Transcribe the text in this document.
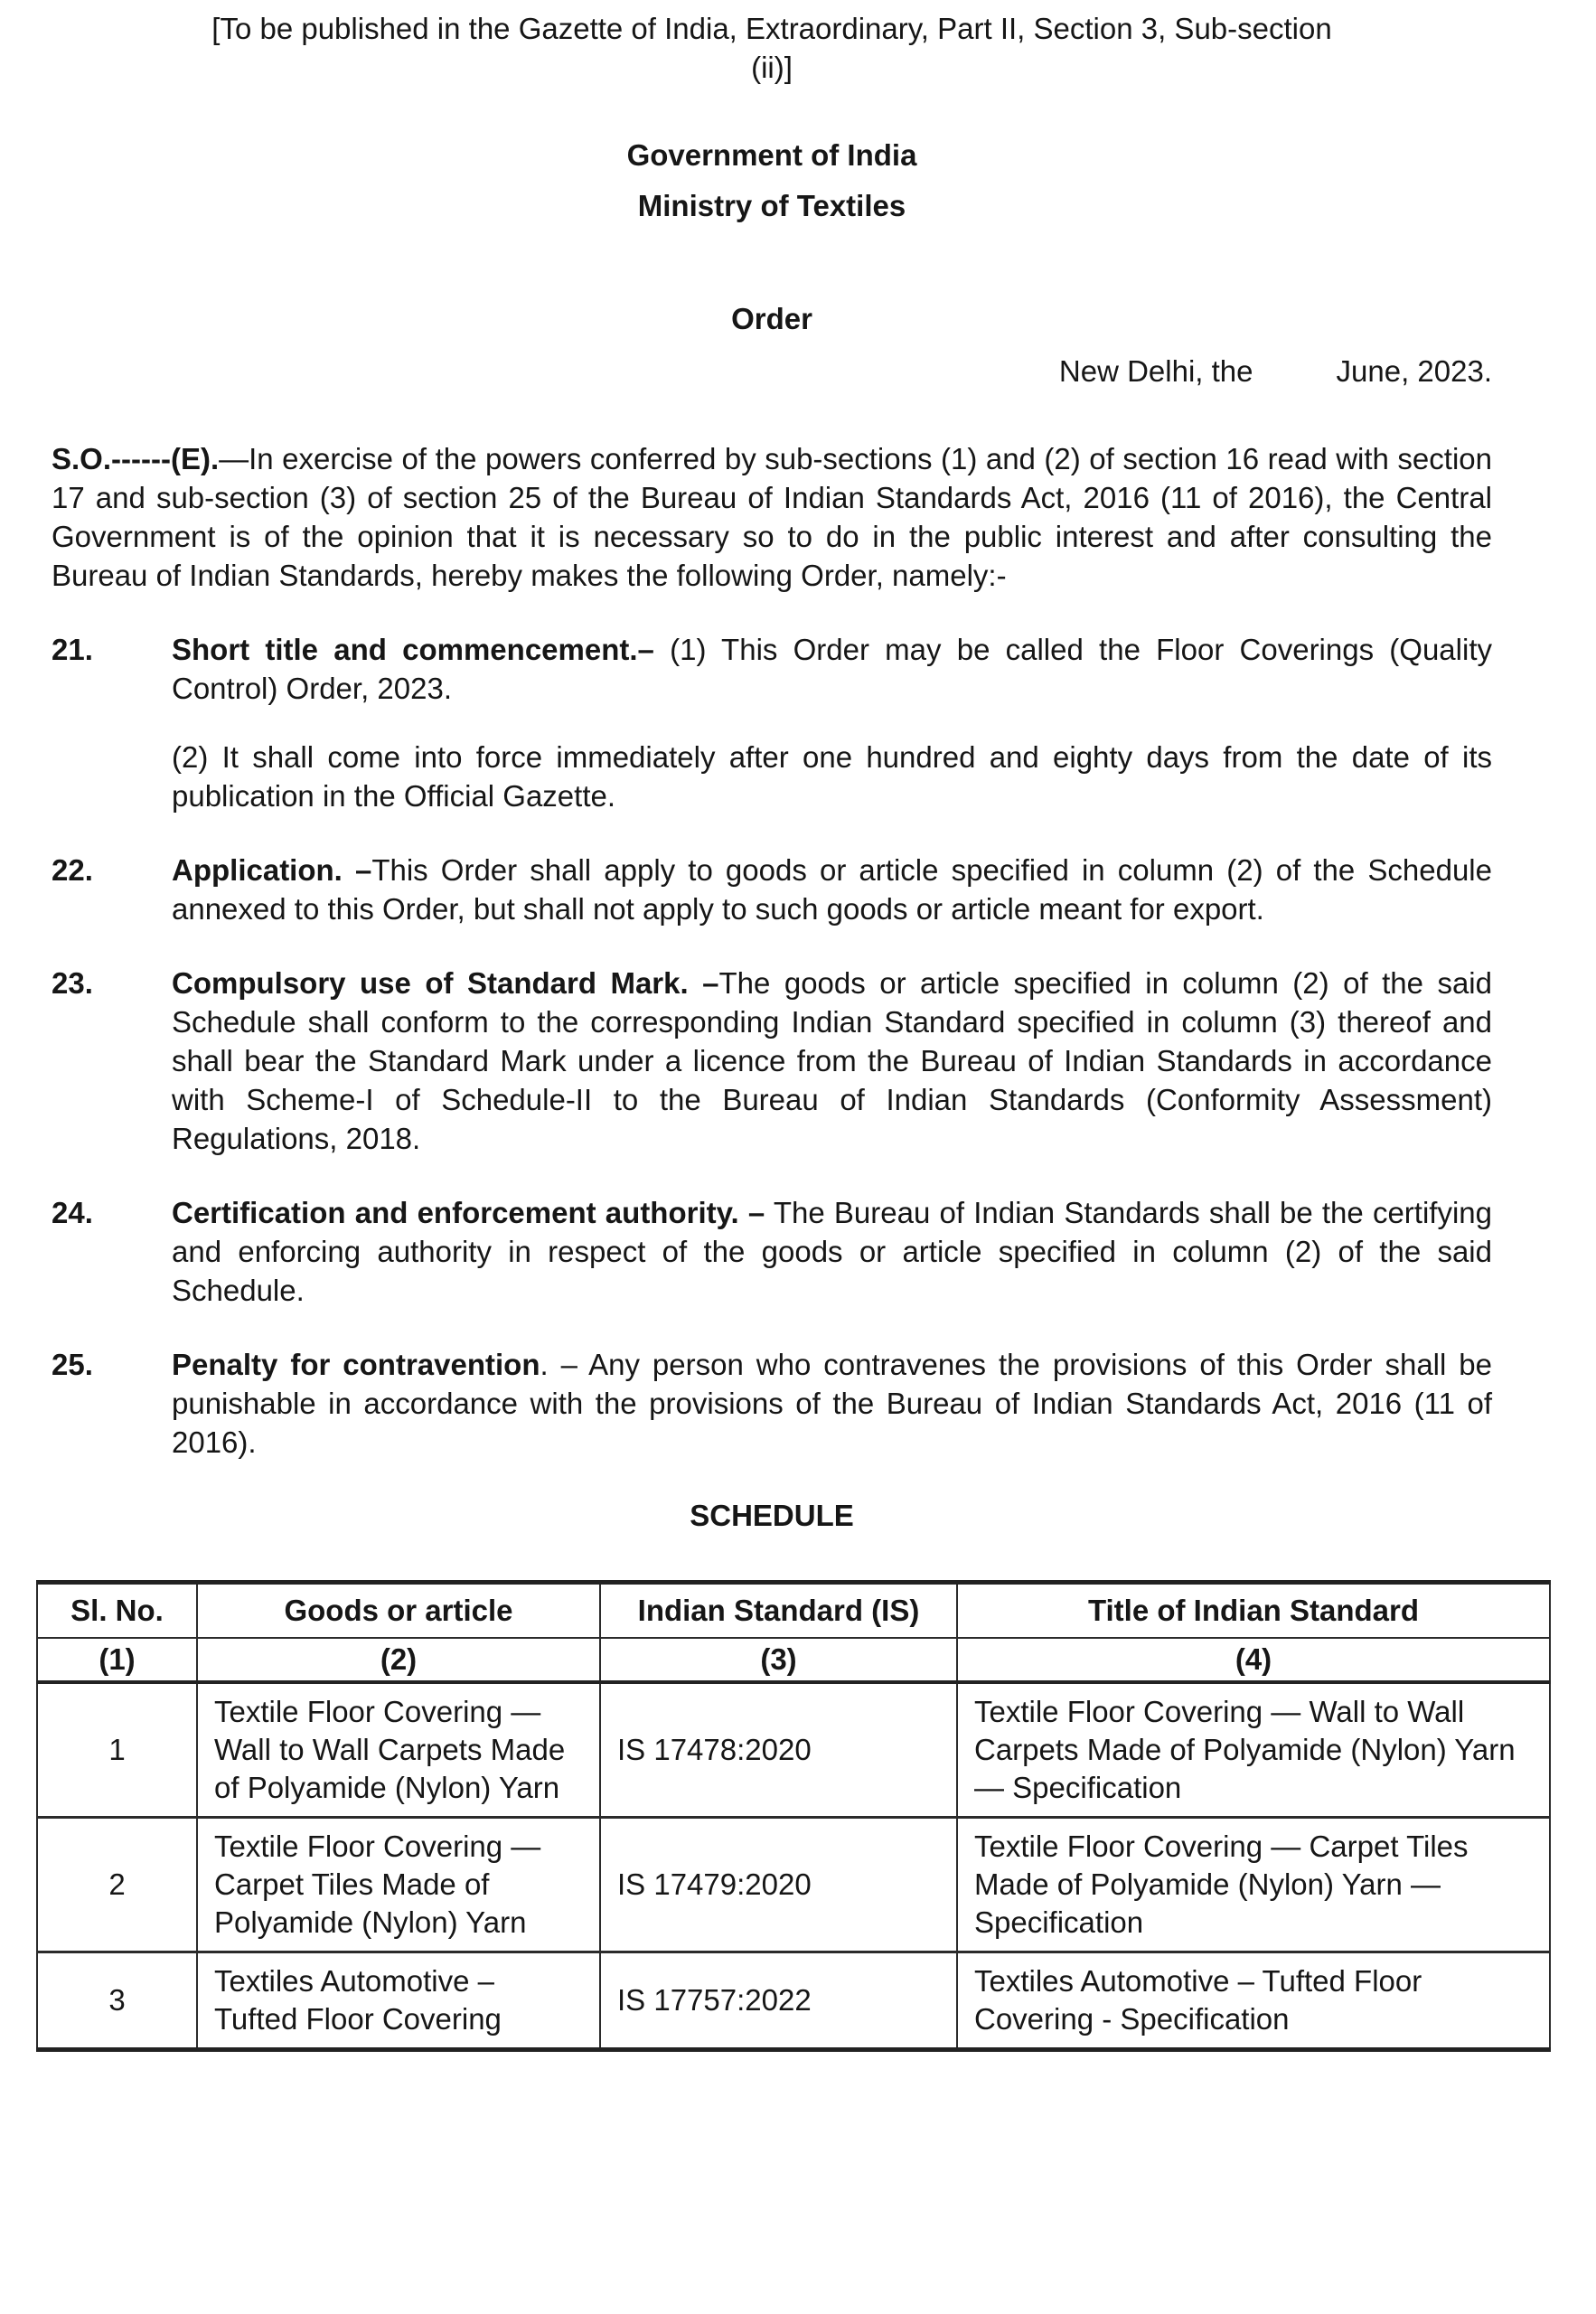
[To be published in the Gazette of India, Extraordinary, Part II, Section 3, Sub-section
(ii)]
Government of India
Ministry of Textiles
Order
New Delhi, the	June, 2023.

S.O.------(E).—In exercise of the powers conferred by sub-sections (1) and (2) of section 16 read with section 17 and sub-section (3) of section 25 of the Bureau of Indian Standards Act, 2016 (11 of 2016), the Central Government is of the opinion that it is necessary so to do in the public interest and after consulting the Bureau of Indian Standards, hereby makes the following Order, namely:-

21.	Short title and commencement.– (1) This Order may be called the Floor Coverings (Quality Control) Order, 2023.

(2) It shall come into force immediately after one hundred and eighty days from the date of its publication in the Official Gazette.

22.	Application. –This Order shall apply to goods or article specified in column (2) of the Schedule annexed to this Order, but shall not apply to such goods or article meant for export.

23.	Compulsory use of Standard Mark. –The goods or article specified in column (2) of the said Schedule shall conform to the corresponding Indian Standard specified in column (3) thereof and shall bear the Standard Mark under a licence from the Bureau of Indian Standards in accordance with Scheme-I of Schedule-II to the Bureau of Indian Standards (Conformity Assessment) Regulations, 2018.

24.	Certification and enforcement authority. – The Bureau of Indian Standards shall be the certifying and enforcing authority in respect of the goods or article specified in column (2) of the said Schedule.

25.	Penalty for contravention. – Any person who contravenes the provisions of this Order shall be punishable in accordance with the provisions of the Bureau of Indian Standards Act, 2016 (11 of 2016).

SCHEDULE
Sl. No.	Goods or article	Indian Standard (IS)	Title of Indian Standard
(1)	(2)	(3)	(4)
1	Textile Floor Covering — Wall to Wall Carpets Made of Polyamide (Nylon) Yarn	IS 17478:2020	Textile Floor Covering — Wall to Wall Carpets Made of Polyamide (Nylon) Yarn — Specification
2	Textile Floor Covering — Carpet Tiles Made of Polyamide (Nylon) Yarn	IS 17479:2020	Textile Floor Covering — Carpet Tiles Made of Polyamide (Nylon) Yarn — Specification
3	Textiles Automotive – Tufted Floor Covering	IS 17757:2022	Textiles Automotive – Tufted Floor Covering - Specification
